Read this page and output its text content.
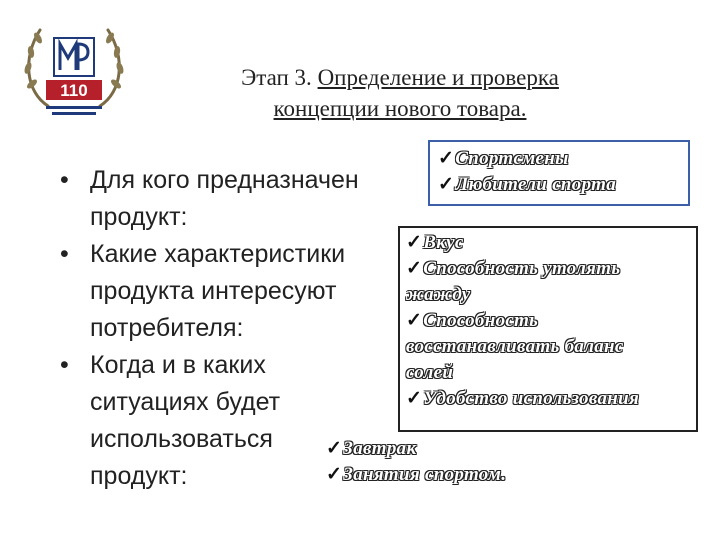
110
Этап 3. Определение и проверка
концепции нового товара.
• Для кого предназначен
продукт:
• Какие характеристики
продукта интересуют
потребителя:
• Когда и в каких
ситуациях будет
использоваться
продукт:
✓Спортсмены
✓Любители спорта
✓Вкус
✓Способность утолять
жажду
✓Способность
восстанавливать баланс
солей
✓Удобство использования
✓Завтрак
✓Занятия спортом.
